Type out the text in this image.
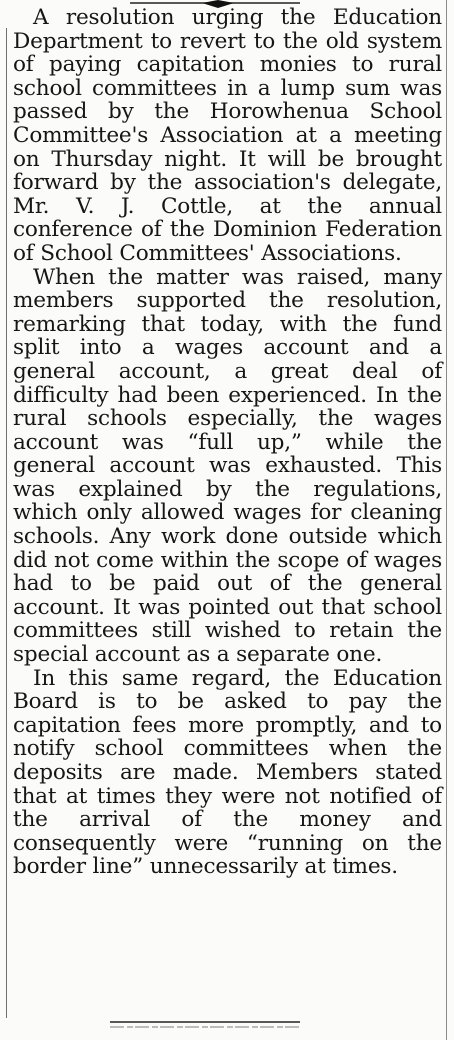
A resolution urging the Education Department to revert to the old system of paying capitation monies to rural school committees in a lump sum was passed by the Horowhenua School Committee's Association at a meeting on Thursday night. It will be brought forward by the association's delegate, Mr. V. J. Cottle, at the annual conference of the Dominion Federation of School Committees' Associations.

When the matter was raised, many members supported the resolution, remarking that today, with the fund split into a wages account and a general account, a great deal of difficulty had been experienced. In the rural schools especially, the wages account was “full up,” while the general account was exhausted. This was explained by the regulations, which only allowed wages for cleaning schools. Any work done outside which did not come within the scope of wages had to be paid out of the general account. It was pointed out that school committees still wished to retain the special account as a separate one.

In this same regard, the Education Board is to be asked to pay the capitation fees more promptly, and to notify school committees when the deposits are made. Members stated that at times they were not notified of the arrival of the money and consequently were “running on the border line” unnecessarily at times.
